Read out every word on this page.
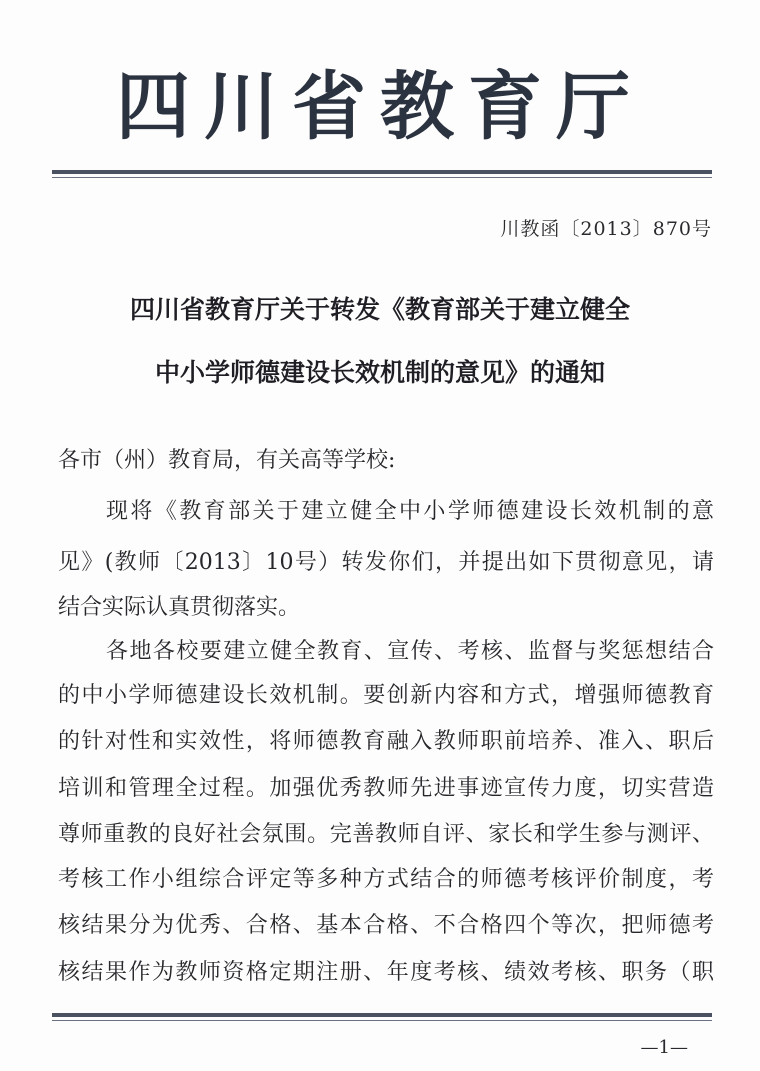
四川省教育厅
川教函〔2013〕870号
四川省教育厅关于转发《教育部关于建立健全
中小学师德建设长效机制的意见》的通知
各市（州）教育局，有关高等学校:
现将《教育部关于建立健全中小学师德建设长效机制的意
见》(教师〔2013〕10号）转发你们，并提出如下贯彻意见，请
结合实际认真贯彻落实。
各地各校要建立健全教育、宣传、考核、监督与奖惩想结合
的中小学师德建设长效机制。要创新内容和方式，增强师德教育
的针对性和实效性，将师德教育融入教师职前培养、准入、职后
培训和管理全过程。加强优秀教师先进事迹宣传力度，切实营造
尊师重教的良好社会氛围。完善教师自评、家长和学生参与测评、
考核工作小组综合评定等多种方式结合的师德考核评价制度，考
核结果分为优秀、合格、基本合格、不合格四个等次，把师德考
核结果作为教师资格定期注册、年度考核、绩效考核、职务（职
—1—
